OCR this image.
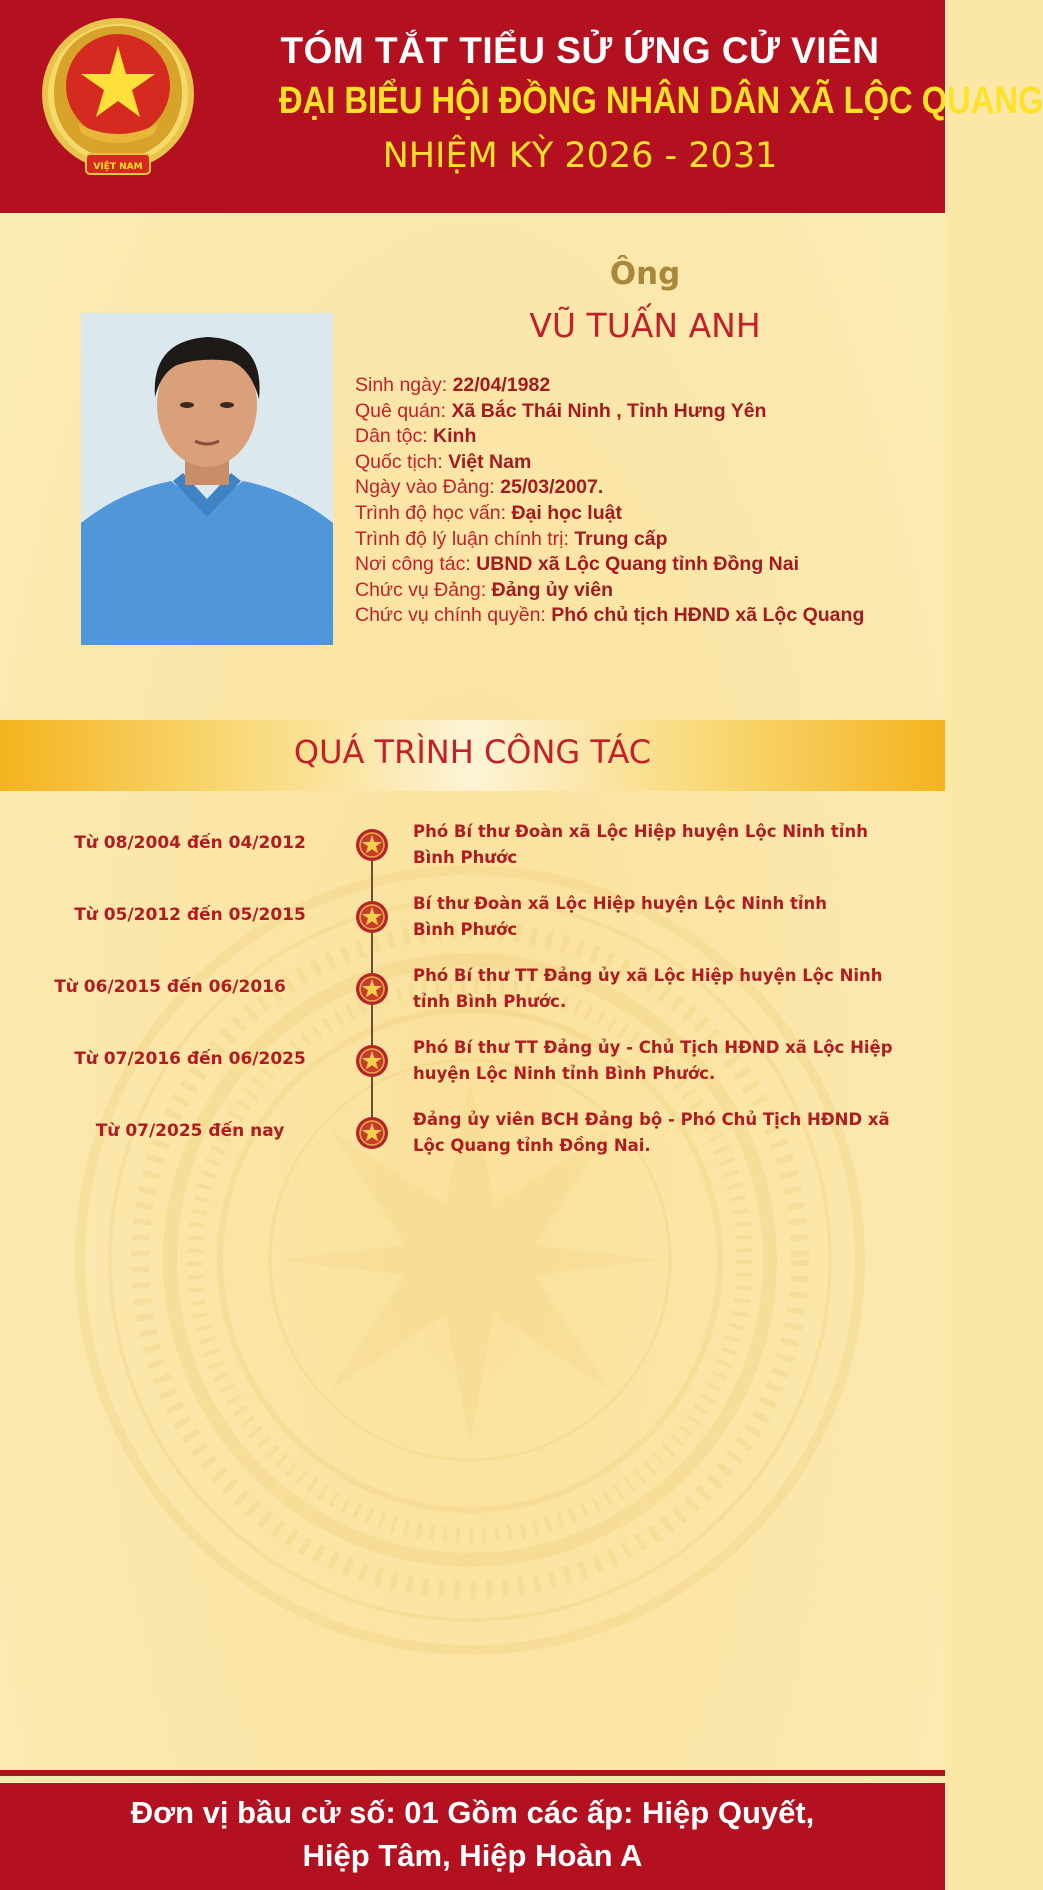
VIỆT NAM
TÓM TẮT TIỂU SỬ ỨNG CỬ VIÊN
ĐẠI BIỂU HỘI ĐỒNG NHÂN DÂN XÃ LỘC QUANG
NHIỆM KỲ 2026 - 2031
Ông
VŨ TUẤN ANH
Sinh ngày: 22/04/1982
Quê quán: Xã Bắc Thái Ninh , Tỉnh Hưng Yên
Dân tộc: Kinh
Quốc tịch: Việt Nam
Ngày vào Đảng: 25/03/2007.
Trình độ học vấn: Đại học luật
Trình độ lý luận chính trị: Trung cấp
Nơi công tác: UBND xã Lộc Quang tỉnh Đồng Nai
Chức vụ Đảng: Đảng ủy viên
Chức vụ chính quyền: Phó chủ tịch HĐND xã Lộc Quang
QUÁ TRÌNH CÔNG TÁC
Từ 08/2004 đến 04/2012
Phó Bí thư Đoàn xã Lộc Hiệp huyện Lộc Ninh tỉnh
Bình Phước
Từ 05/2012 đến 05/2015
Bí thư Đoàn xã Lộc Hiệp huyện Lộc Ninh tỉnh
Bình Phước
Từ 06/2015 đến 06/2016
Phó Bí thư TT Đảng ủy xã Lộc Hiệp huyện Lộc Ninh
tỉnh Bình Phước.
Từ 07/2016 đến 06/2025
Phó Bí thư TT Đảng ủy - Chủ Tịch HĐND xã Lộc Hiệp
huyện Lộc Ninh tỉnh Bình Phước.
Từ 07/2025 đến nay
Đảng ủy viên BCH Đảng bộ - Phó Chủ Tịch HĐND xã
Lộc Quang tỉnh Đồng Nai.
Đơn vị bầu cử số: 01 Gồm các ấp: Hiệp Quyết,
Hiệp Tâm, Hiệp Hoàn A
